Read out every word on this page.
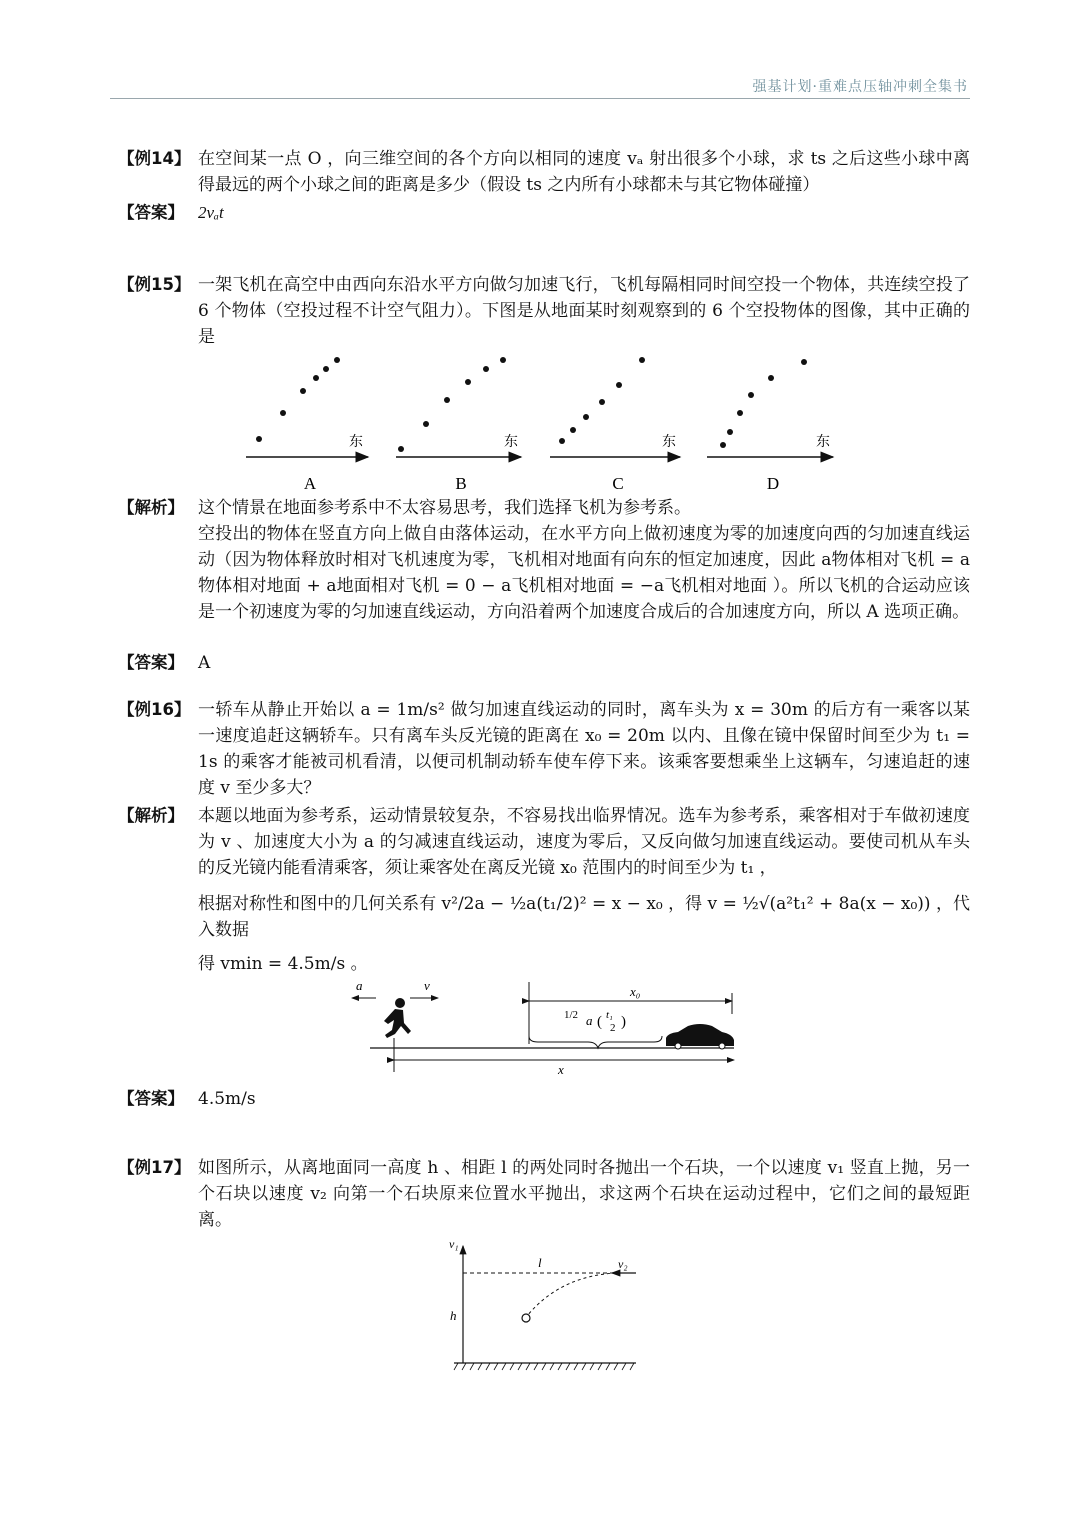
强基计划·重难点压轴冲刺全集书
【例14】 在空间某一点 O ，向三维空间的各个方向以相同的速度 vₐ 射出很多个小球，求 ts 之后这些小球中离得最远的两个小球之间的距离是多少（假设 ts 之内所有小球都未与其它物体碰撞）

【答案】 2vₐt

【例15】 一架飞机在高空中由西向东沿水平方向做匀加速飞行，飞机每隔相同时间空投一个物体，共连续空投了 6 个物体（空投过程不计空气阻力）。下图是从地面某时刻观察到的 6 个空投物体的图像，其中正确的是

东
A
东
B
东
C
东
D
【解析】 这个情景在地面参考系中不太容易思考，我们选择飞机为参考系。

空投出的物体在竖直方向上做自由落体运动，在水平方向上做初速度为零的加速度向西的匀加速直线运动（因为物体释放时相对飞机速度为零，飞机相对地面有向东的恒定加速度，因此 a物体相对飞机 = a物体相对地面 + a地面相对飞机 = 0 − a飞机相对地面 = −a飞机相对地面 ）。所以飞机的合运动应该是一个初速度为零的匀加速直线运动，方向沿着两个加速度合成后的合加速度方向，所以 A 选项正确。

【答案】 A

【例16】 一轿车从静止开始以 a = 1m/s² 做匀加速直线运动的同时，离车头为 x = 30m 的后方有一乘客以某一速度追赶这辆轿车。只有离车头反光镜的距离在 x₀ = 20m 以内、且像在镜中保留时间至少为 t₁ = 1s 的乘客才能被司机看清，以便司机制动轿车使车停下来。该乘客要想乘坐上这辆车，匀速追赶的速度 v 至少多大？

【解析】 本题以地面为参考系，运动情景较复杂，不容易找出临界情况。选车为参考系，乘客相对于车做初速度为 v 、加速度大小为 a 的匀减速直线运动，速度为零后，又反向做匀加速直线运动。要使司机从车头的反光镜内能看清乘客，须让乘客处在离反光镜 x₀ 范围内的时间至少为 t₁ ，

根据对称性和图中的几何关系有 v²/2a − ½a(t₁/2)² = x − x₀ ，得 v = ½√(a²t₁² + 8a(x − x₀)) ，代入数据

得 vmin = 4.5m/s 。

a	v	x₀
1/2 a t₁
2
( )
x
【答案】 4.5m/s

【例17】 如图所示，从离地面同一高度 h 、相距 l 的两处同时各抛出一个石块，一个以速度 v₁ 竖直上抛，另一个石块以速度 v₂ 向第一个石块原来位置水平抛出，求这两个石块在运动过程中，它们之间的最短距离。

v₁
l	v₂
h
